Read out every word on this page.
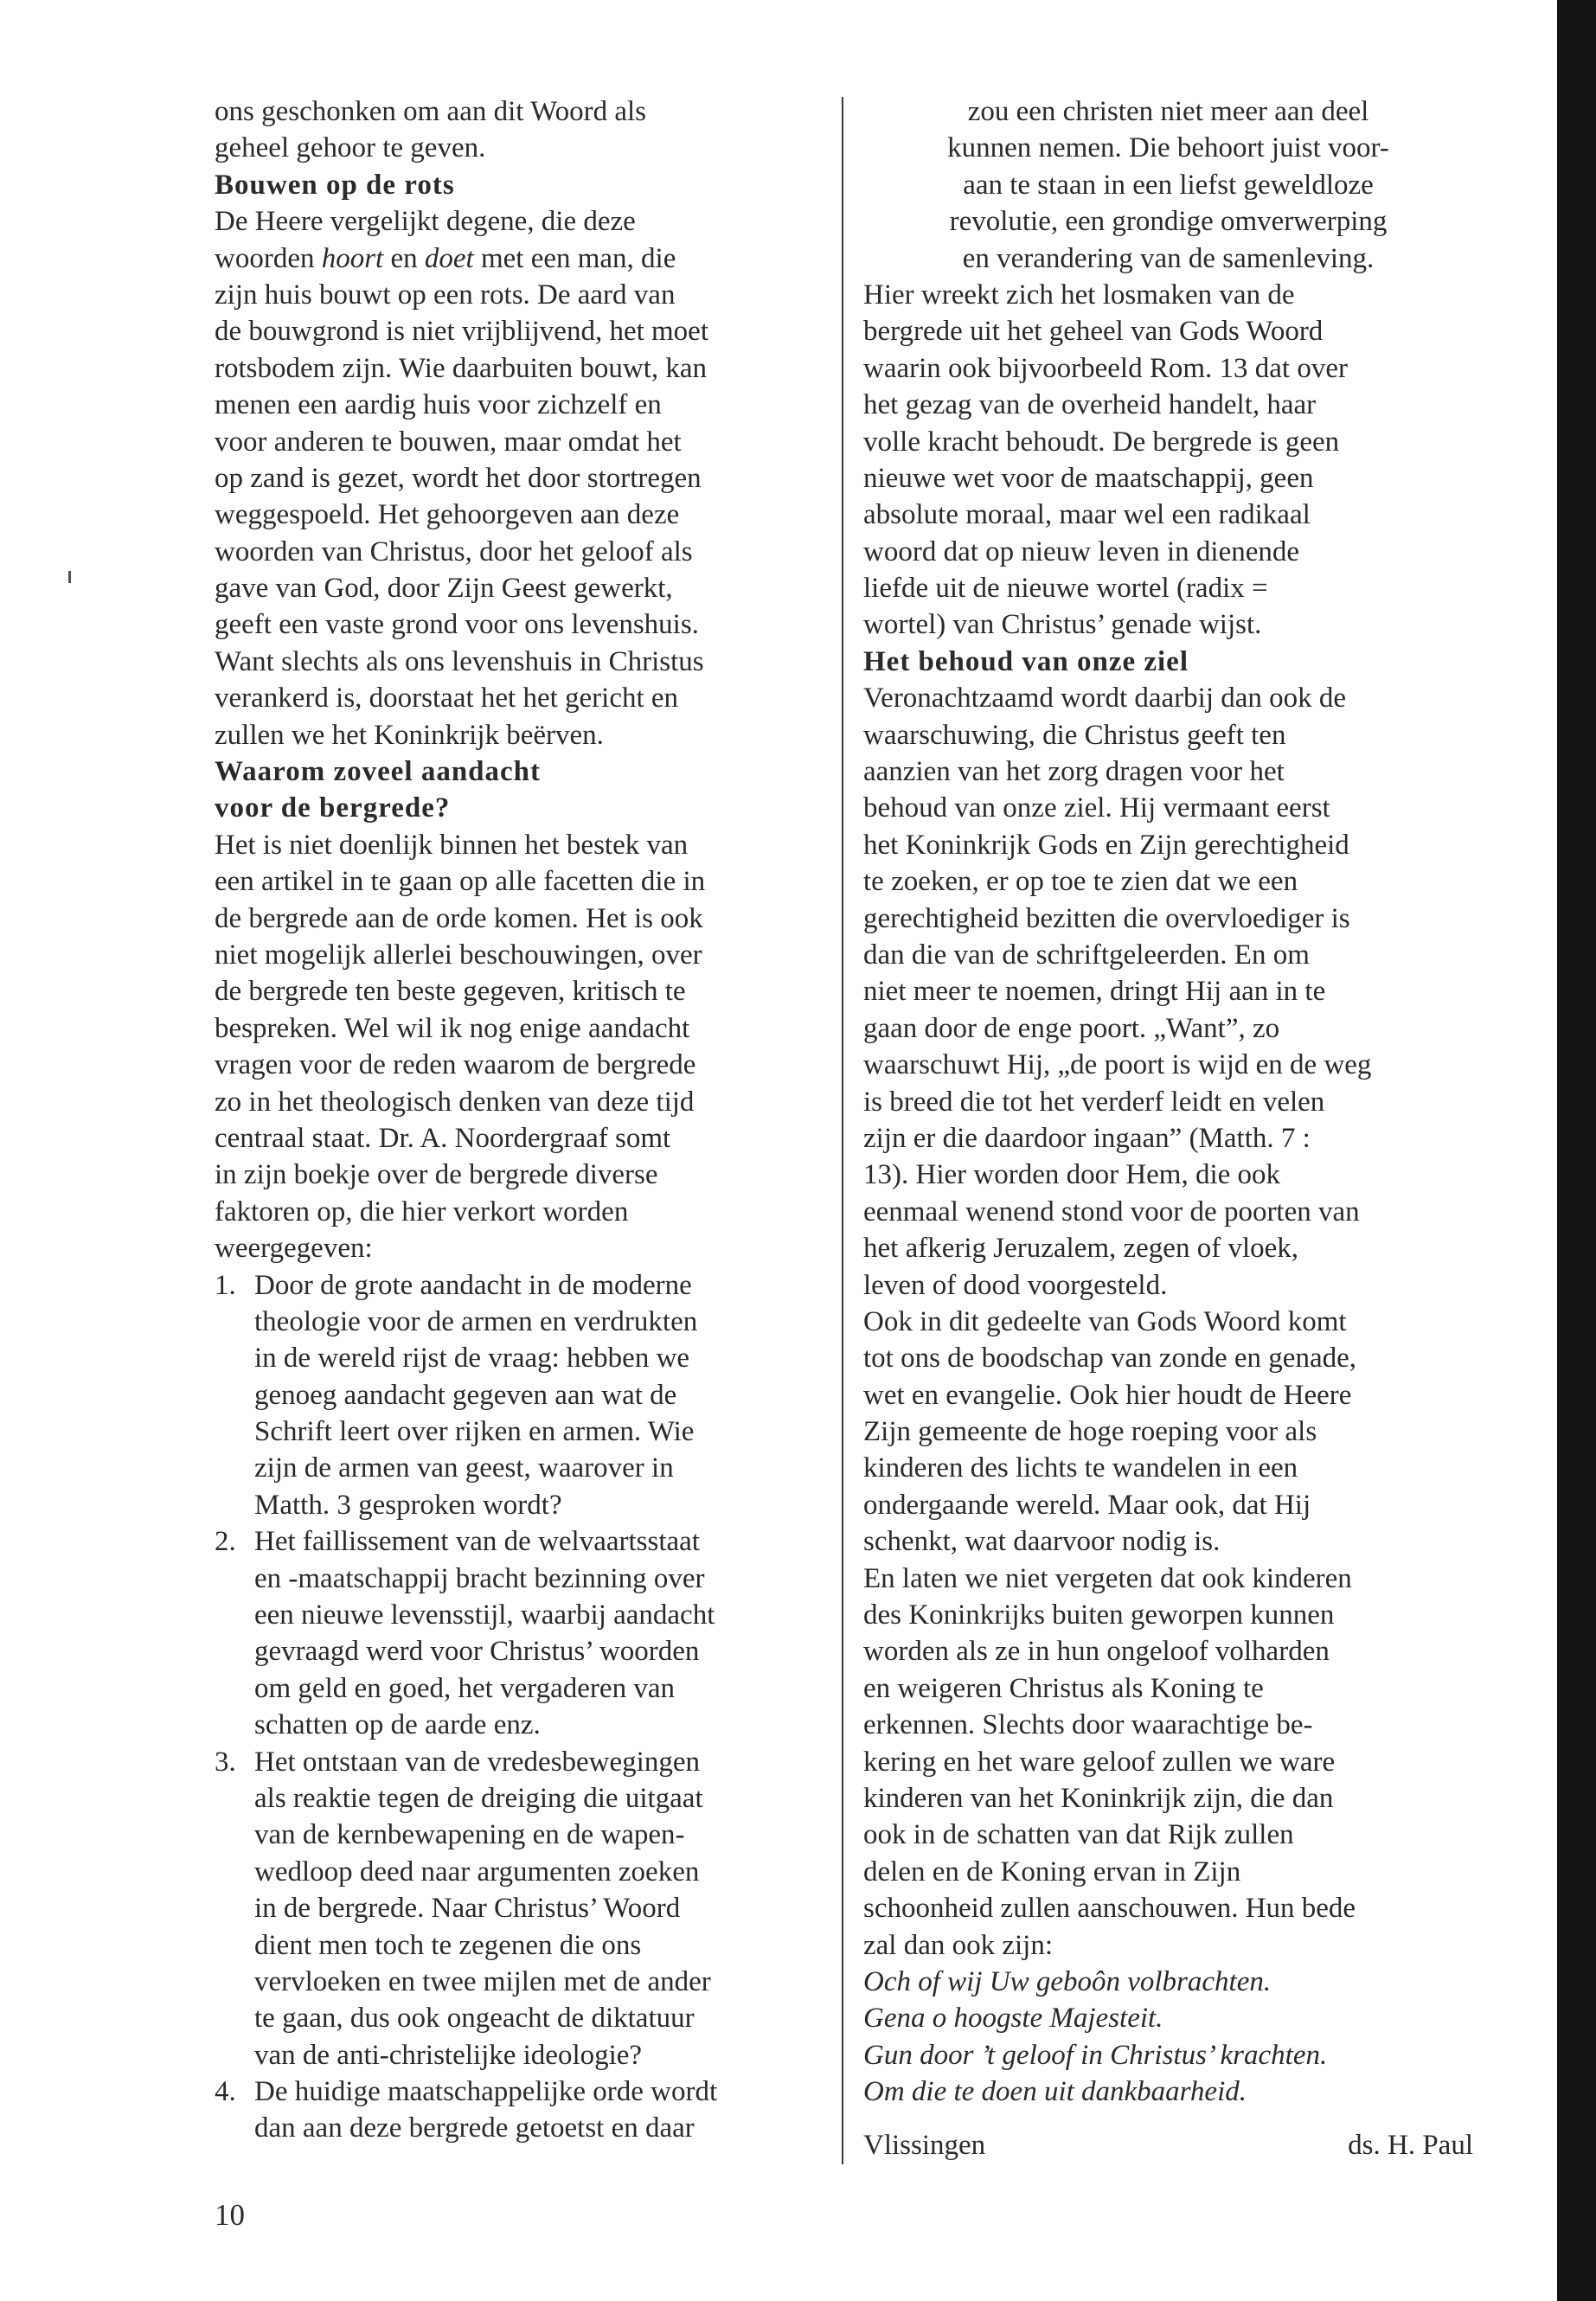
ons geschonken om aan dit Woord als
geheel gehoor te geven.
Bouwen op de rots
De Heere vergelijkt degene, die deze
woorden hoort en doet met een man, die
zijn huis bouwt op een rots. De aard van
de bouwgrond is niet vrijblijvend, het moet
rotsbodem zijn. Wie daarbuiten bouwt, kan
menen een aardig huis voor zichzelf en
voor anderen te bouwen, maar omdat het
op zand is gezet, wordt het door stortregen
weggespoeld. Het gehoorgeven aan deze
woorden van Christus, door het geloof als
gave van God, door Zijn Geest gewerkt,
geeft een vaste grond voor ons levenshuis.
Want slechts als ons levenshuis in Christus
verankerd is, doorstaat het het gericht en
zullen we het Koninkrijk beërven.
Waarom zoveel aandacht
voor de bergrede?
Het is niet doenlijk binnen het bestek van
een artikel in te gaan op alle facetten die in
de bergrede aan de orde komen. Het is ook
niet mogelijk allerlei beschouwingen, over
de bergrede ten beste gegeven, kritisch te
bespreken. Wel wil ik nog enige aandacht
vragen voor de reden waarom de bergrede
zo in het theologisch denken van deze tijd
centraal staat. Dr. A. Noordergraaf somt
in zijn boekje over de bergrede diverse
faktoren op, die hier verkort worden
weergegeven:
1. Door de grote aandacht in de moderne
theologie voor de armen en verdrukten
in de wereld rijst de vraag: hebben we
genoeg aandacht gegeven aan wat de
Schrift leert over rijken en armen. Wie
zijn de armen van geest, waarover in
Matth. 3 gesproken wordt?
2. Het faillissement van de welvaartsstaat
en -maatschappij bracht bezinning over
een nieuwe levensstijl, waarbij aandacht
gevraagd werd voor Christus’ woorden
om geld en goed, het vergaderen van
schatten op de aarde enz.
3. Het ontstaan van de vredesbewegingen
als reaktie tegen de dreiging die uitgaat
van de kernbewapening en de wapen-
wedloop deed naar argumenten zoeken
in de bergrede. Naar Christus’ Woord
dient men toch te zegenen die ons
vervloeken en twee mijlen met de ander
te gaan, dus ook ongeacht de diktatuur
van de anti-christelijke ideologie?
4. De huidige maatschappelijke orde wordt
dan aan deze bergrede getoetst en daar
zou een christen niet meer aan deel
kunnen nemen. Die behoort juist voor-
aan te staan in een liefst geweldloze
revolutie, een grondige omverwerping
en verandering van de samenleving.
Hier wreekt zich het losmaken van de
bergrede uit het geheel van Gods Woord
waarin ook bijvoorbeeld Rom. 13 dat over
het gezag van de overheid handelt, haar
volle kracht behoudt. De bergrede is geen
nieuwe wet voor de maatschappij, geen
absolute moraal, maar wel een radikaal
woord dat op nieuw leven in dienende
liefde uit de nieuwe wortel (radix =
wortel) van Christus’ genade wijst.
Het behoud van onze ziel
Veronachtzaamd wordt daarbij dan ook de
waarschuwing, die Christus geeft ten
aanzien van het zorg dragen voor het
behoud van onze ziel. Hij vermaant eerst
het Koninkrijk Gods en Zijn gerechtigheid
te zoeken, er op toe te zien dat we een
gerechtigheid bezitten die overvloediger is
dan die van de schriftgeleerden. En om
niet meer te noemen, dringt Hij aan in te
gaan door de enge poort. „Want”, zo
waarschuwt Hij, „de poort is wijd en de weg
is breed die tot het verderf leidt en velen
zijn er die daardoor ingaan” (Matth. 7 :
13). Hier worden door Hem, die ook
eenmaal wenend stond voor de poorten van
het afkerig Jeruzalem, zegen of vloek,
leven of dood voorgesteld.
Ook in dit gedeelte van Gods Woord komt
tot ons de boodschap van zonde en genade,
wet en evangelie. Ook hier houdt de Heere
Zijn gemeente de hoge roeping voor als
kinderen des lichts te wandelen in een
ondergaande wereld. Maar ook, dat Hij
schenkt, wat daarvoor nodig is.
En laten we niet vergeten dat ook kinderen
des Koninkrijks buiten geworpen kunnen
worden als ze in hun ongeloof volharden
en weigeren Christus als Koning te
erkennen. Slechts door waarachtige be-
kering en het ware geloof zullen we ware
kinderen van het Koninkrijk zijn, die dan
ook in de schatten van dat Rijk zullen
delen en de Koning ervan in Zijn
schoonheid zullen aanschouwen. Hun bede
zal dan ook zijn:
Och of wij Uw geboôn volbrachten.
Gena o hoogste Majesteit.
Gun door ’t geloof in Christus’ krachten.
Om die te doen uit dankbaarheid.
Vlissingen	ds. H. Paul
10
